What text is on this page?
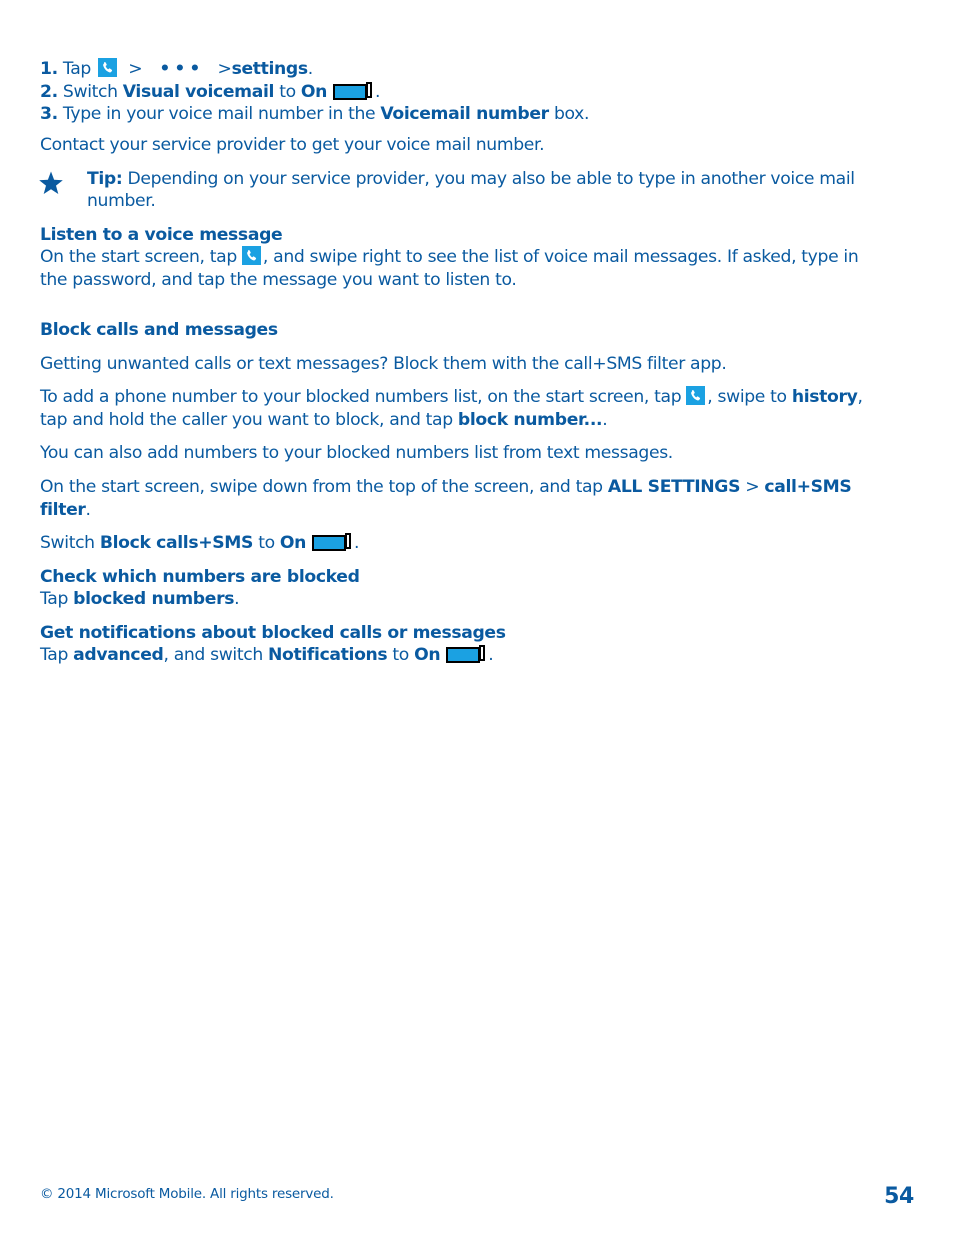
1. Tap > ••• >settings.
2. Switch Visual voicemail to On	.
3. Type in your voice mail number in the Voicemail number box.
Contact your service provider to get your voice mail number.
Tip: Depending on your service provider, you may also be able to type in another voice mail
number.
Listen to a voice message
On the start screen, tap , and swipe right to see the list of voice mail messages. If asked, type in
the password, and tap the message you want to listen to.
Block calls and messages
Getting unwanted calls or text messages? Block them with the call+SMS filter app.
To add a phone number to your blocked numbers list, on the start screen, tap , swipe to history,
tap and hold the caller you want to block, and tap block number....
You can also add numbers to your blocked numbers list from text messages.
On the start screen, swipe down from the top of the screen, and tap ALL SETTINGS > call+SMS
filter.
Switch Block calls+SMS to On	.
Check which numbers are blocked
Tap blocked numbers.
Get notifications about blocked calls or messages
Tap advanced, and switch Notifications to On	.
© 2014 Microsoft Mobile. All rights reserved.	54
